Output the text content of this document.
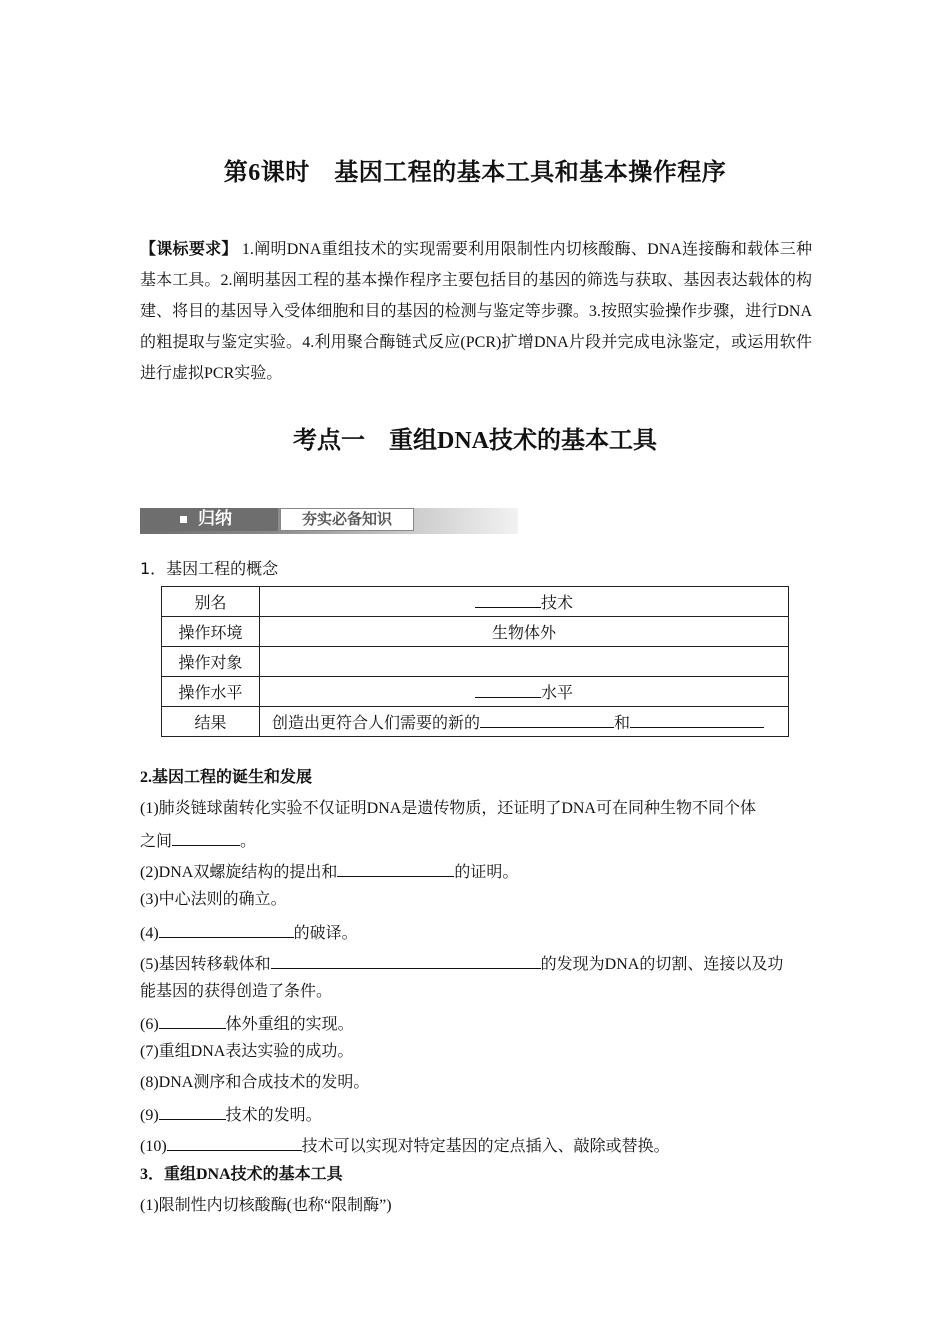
第6课时　基因工程的基本工具和基本操作程序
【课标要求】 1.阐明DNA重组技术的实现需要利用限制性内切核酸酶、DNA连接酶和载体三种基本工具。2.阐明基因工程的基本操作程序主要包括目的基因的筛选与获取、基因表达载体的构建、将目的基因导入受体细胞和目的基因的检测与鉴定等步骤。3.按照实验操作步骤，进行DNA的粗提取与鉴定实验。4.利用聚合酶链式反应(PCR)扩增DNA片段并完成电泳鉴定，或运用软件进行虚拟PCR实验。
考点一　重组DNA技术的基本工具
归纳	夯实必备知识
1．基因工程的概念
别名	技术
操作环境	生物体外
操作对象	
操作水平	水平
结果	创造出更符合人们需要的新的 和
2.基因工程的诞生和发展
(1)肺炎链球菌转化实验不仅证明DNA是遗传物质，还证明了DNA可在同种生物不同个体
之间	。
(2)DNA双螺旋结构的提出和	的证明。
(3)中心法则的确立。
(4)	的破译。
(5)基因转移载体和	的发现为DNA的切割、连接以及功
能基因的获得创造了条件。
(6)	体外重组的实现。
(7)重组DNA表达实验的成功。
(8)DNA测序和合成技术的发明。
(9)	技术的发明。
(10)	技术可以实现对特定基因的定点插入、敲除或替换。
3．重组DNA技术的基本工具
(1)限制性内切核酸酶(也称“限制酶”)
